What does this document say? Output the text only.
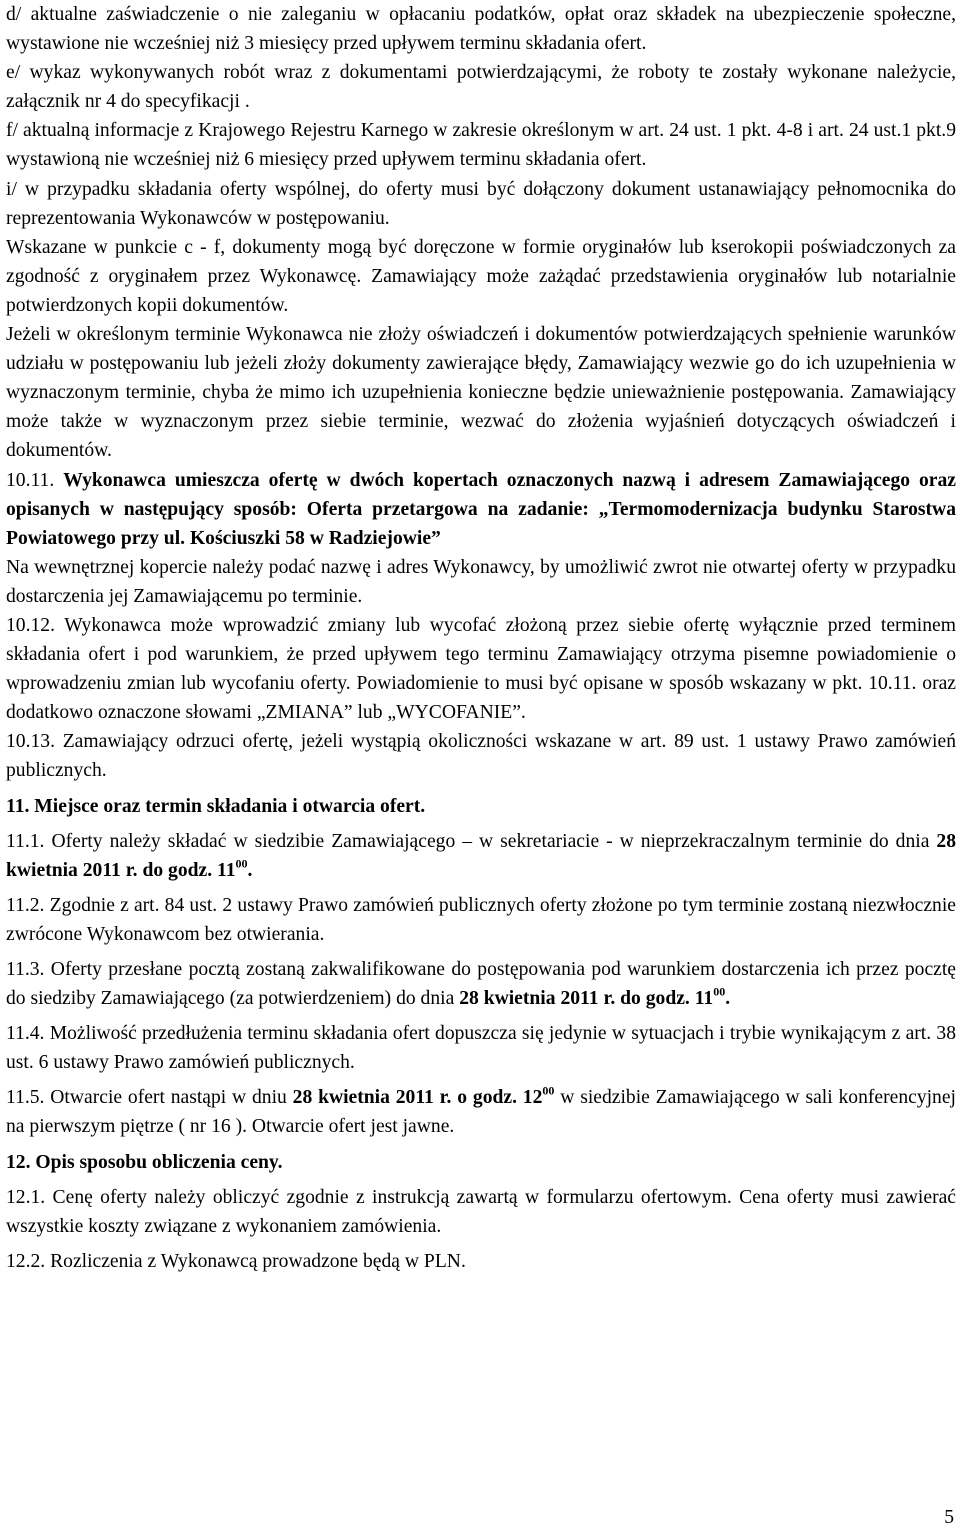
d/ aktualne zaświadczenie o nie zaleganiu w opłacaniu podatków, opłat oraz składek na ubezpieczenie społeczne, wystawione nie wcześniej niż 3 miesięcy przed upływem terminu składania ofert.

e/ wykaz wykonywanych robót wraz z dokumentami potwierdzającymi, że roboty te zostały wykonane należycie, załącznik nr 4 do specyfikacji .

f/ aktualną informacje z Krajowego Rejestru Karnego w zakresie określonym w art. 24 ust. 1 pkt. 4-8 i art. 24 ust.1 pkt.9 wystawioną nie wcześniej niż 6 miesięcy przed upływem terminu składania ofert.

i/ w przypadku składania oferty wspólnej, do oferty musi być dołączony dokument ustanawiający pełnomocnika do reprezentowania Wykonawców w postępowaniu.

Wskazane w punkcie c - f, dokumenty mogą być doręczone w formie oryginałów lub kserokopii poświadczonych za zgodność z oryginałem przez Wykonawcę. Zamawiający może zażądać przedstawienia oryginałów lub notarialnie potwierdzonych kopii dokumentów.

Jeżeli w określonym terminie Wykonawca nie złoży oświadczeń i dokumentów potwierdzających spełnienie warunków udziału w postępowaniu lub jeżeli złoży dokumenty zawierające błędy, Zamawiający wezwie go do ich uzupełnienia w wyznaczonym terminie, chyba że mimo ich uzupełnienia konieczne będzie unieważnienie postępowania. Zamawiający może także w wyznaczonym przez siebie terminie, wezwać do złożenia wyjaśnień dotyczących oświadczeń i dokumentów.

10.11. Wykonawca umieszcza ofertę w dwóch kopertach oznaczonych nazwą i adresem Zamawiającego oraz opisanych w następujący sposób: Oferta przetargowa na zadanie: „Termomodernizacja budynku Starostwa Powiatowego przy ul. Kościuszki 58 w Radziejowie”

Na wewnętrznej kopercie należy podać nazwę i adres Wykonawcy, by umożliwić zwrot nie otwartej oferty w przypadku dostarczenia jej Zamawiającemu po terminie.

10.12. Wykonawca może wprowadzić zmiany lub wycofać złożoną przez siebie ofertę wyłącznie przed terminem składania ofert i pod warunkiem, że przed upływem tego terminu Zamawiający otrzyma pisemne powiadomienie o wprowadzeniu zmian lub wycofaniu oferty. Powiadomienie to musi być opisane w sposób wskazany w pkt. 10.11. oraz dodatkowo oznaczone słowami „ZMIANA” lub „WYCOFANIE”.

10.13. Zamawiający odrzuci ofertę, jeżeli wystąpią okoliczności wskazane w art. 89 ust. 1 ustawy Prawo zamówień publicznych.

11. Miejsce oraz termin składania i otwarcia ofert.

11.1. Oferty należy składać w siedzibie Zamawiającego – w sekretariacie - w nieprzekraczalnym terminie do dnia 28 kwietnia 2011 r. do godz. $11^{00}$.

11.2. Zgodnie z art. 84 ust. 2 ustawy Prawo zamówień publicznych oferty złożone po tym terminie zostaną niezwłocznie zwrócone Wykonawcom bez otwierania.

11.3. Oferty przesłane pocztą zostaną zakwalifikowane do postępowania pod warunkiem dostarczenia ich przez pocztę do siedziby Zamawiającego (za potwierdzeniem) do dnia 28 kwietnia 2011 r. do godz. $11^{00}$.

11.4. Możliwość przedłużenia terminu składania ofert dopuszcza się jedynie w sytuacjach i trybie wynikającym z art. 38 ust. 6 ustawy Prawo zamówień publicznych.

11.5. Otwarcie ofert nastąpi w dniu 28 kwietnia 2011 r. o godz. $12^{00}$ w siedzibie Zamawiającego w sali konferencyjnej na pierwszym piętrze ( nr 16 ). Otwarcie ofert jest jawne.

12. Opis sposobu obliczenia ceny.

12.1. Cenę oferty należy obliczyć zgodnie z instrukcją zawartą w formularzu ofertowym. Cena oferty musi zawierać wszystkie koszty związane z wykonaniem zamówienia.

12.2. Rozliczenia z Wykonawcą prowadzone będą w PLN.

5
